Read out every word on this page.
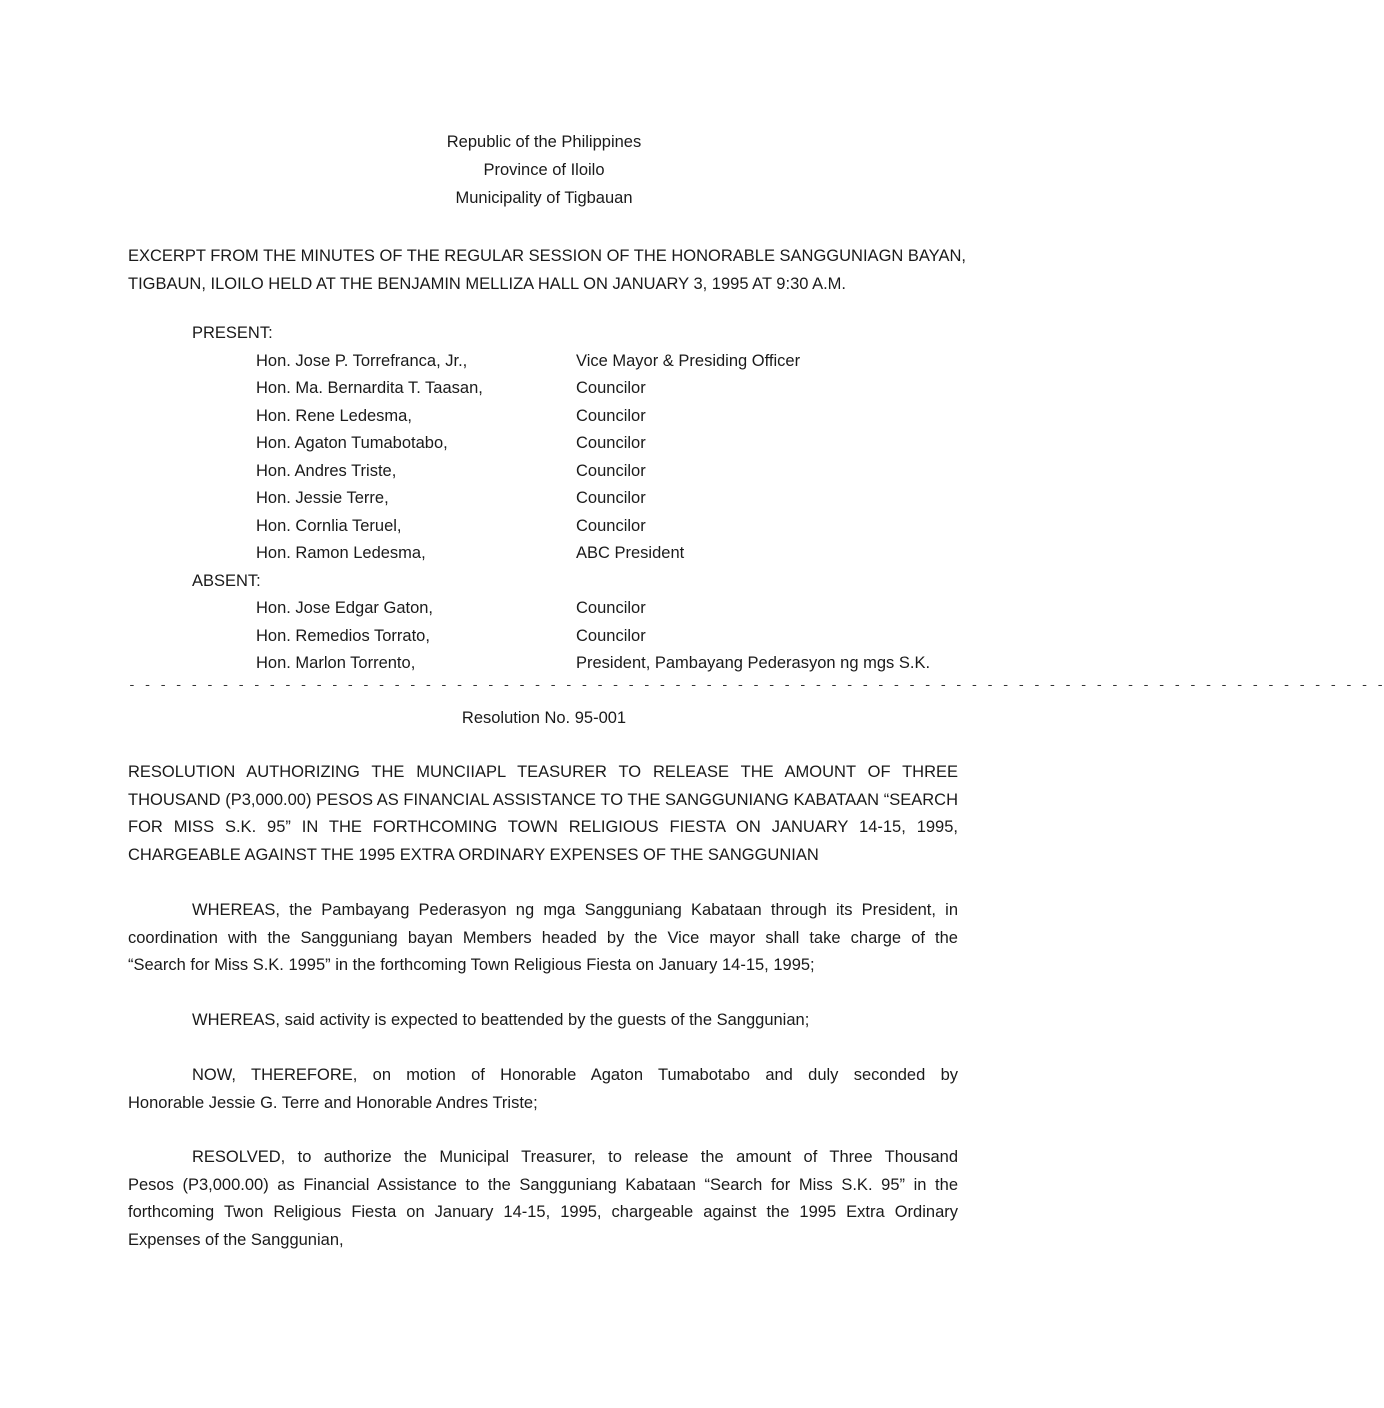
Republic of the Philippines
Province of Iloilo
Municipality of Tigbauan
EXCERPT FROM THE MINUTES OF THE REGULAR SESSION OF THE HONORABLE SANGGUNIAGN BAYAN,
TIGBAUN, ILOILO HELD AT THE BENJAMIN MELLIZA HALL ON JANUARY 3, 1995 AT 9:30 A.M.
PRESENT:
Hon. Jose P. Torrefranca, Jr.,	Vice Mayor & Presiding Officer
Hon. Ma. Bernardita T. Taasan,	Councilor
Hon. Rene Ledesma,	Councilor
Hon. Agaton Tumabotabo,	Councilor
Hon. Andres Triste,	Councilor
Hon. Jessie Terre,	Councilor
Hon. Cornlia Teruel,	Councilor
Hon. Ramon Ledesma,	ABC President
ABSENT:
Hon. Jose Edgar Gaton,	Councilor
Hon. Remedios Torrato,	Councilor
Hon. Marlon Torrento,	President, Pambayang Pederasyon ng mgs S.K.
- - - - - - - - - - - - - - - - - - - - - - - - - - - - - - - - - - - - - - - - - - - - - - - - - - - - - - - - - - - - - - - - - - - - - - - - - - - - - - - - -
Resolution No. 95-001
RESOLUTION AUTHORIZING THE MUNCIIAPL TEASURER TO RELEASE THE AMOUNT OF THREE
THOUSAND (P3,000.00) PESOS AS FINANCIAL ASSISTANCE TO THE SANGGUNIANG KABATAAN “SEARCH
FOR MISS S.K. 95” IN THE FORTHCOMING TOWN RELIGIOUS FIESTA ON JANUARY 14-15, 1995,
CHARGEABLE AGAINST THE 1995 EXTRA ORDINARY EXPENSES OF THE SANGGUNIAN
WHEREAS, the Pambayang Pederasyon ng mga Sangguniang Kabataan through its President, in
coordination with the Sangguniang bayan Members headed by the Vice mayor shall take charge of the
“Search for Miss S.K. 1995” in the forthcoming Town Religious Fiesta on January 14-15, 1995;
WHEREAS, said activity is expected to beattended by the guests of the Sanggunian;
NOW, THEREFORE, on motion of Honorable Agaton Tumabotabo and duly seconded by
Honorable Jessie G. Terre and Honorable Andres Triste;
RESOLVED, to authorize the Municipal Treasurer, to release the amount of Three Thousand
Pesos (P3,000.00) as Financial Assistance to the Sangguniang Kabataan “Search for Miss S.K. 95” in the
forthcoming Twon Religious Fiesta on January 14-15, 1995, chargeable against the 1995 Extra Ordinary
Expenses of the Sanggunian,
